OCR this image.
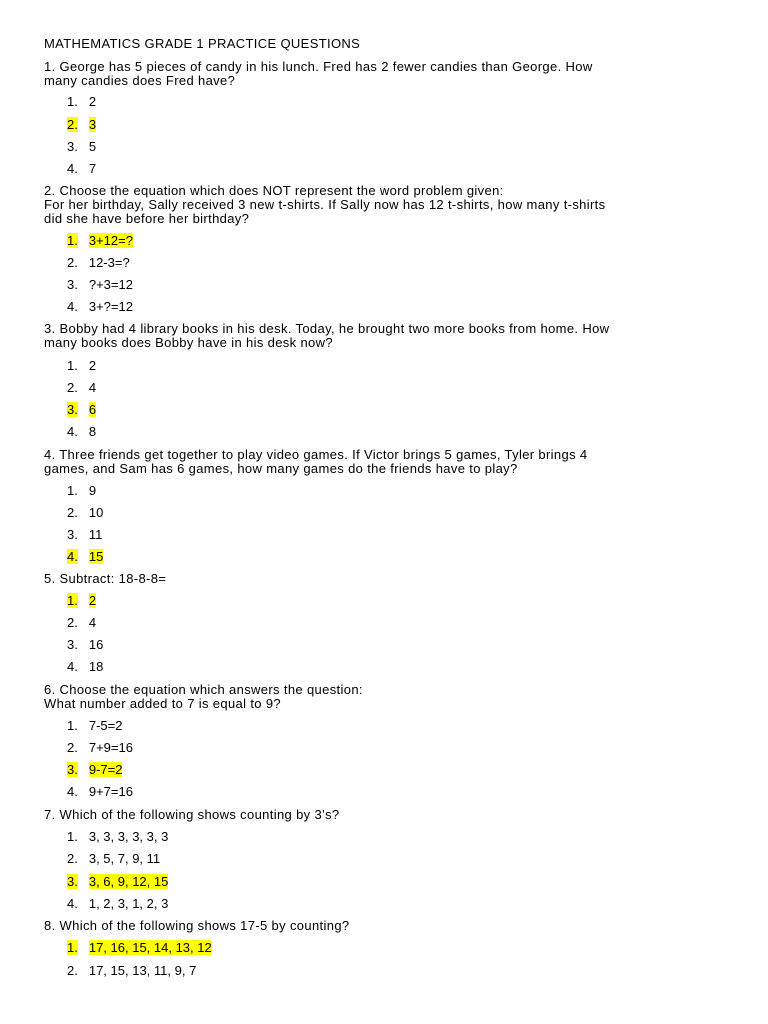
MATHEMATICS GRADE 1 PRACTICE QUESTIONS
1. George has 5 pieces of candy in his lunch. Fred has 2 fewer candies than George. How
many candies does Fred have?
1. 2
2. 3
3. 5
4. 7
2. Choose the equation which does NOT represent the word problem given:
For her birthday, Sally received 3 new t-shirts. If Sally now has 12 t-shirts, how many t-shirts
did she have before her birthday?
1. 3+12=?
2. 12-3=?
3. ?+3=12
4. 3+?=12
3. Bobby had 4 library books in his desk. Today, he brought two more books from home. How
many books does Bobby have in his desk now?
1. 2
2. 4
3. 6
4. 8
4. Three friends get together to play video games. If Victor brings 5 games, Tyler brings 4
games, and Sam has 6 games, how many games do the friends have to play?
1. 9
2. 10
3. 11
4. 15
5. Subtract: 18-8-8=
1. 2
2. 4
3. 16
4. 18
6. Choose the equation which answers the question:
What number added to 7 is equal to 9?
1. 7-5=2
2. 7+9=16
3. 9-7=2
4. 9+7=16
7. Which of the following shows counting by 3’s?
1. 3, 3, 3, 3, 3, 3
2. 3, 5, 7, 9, 11
3. 3, 6, 9, 12, 15
4. 1, 2, 3, 1, 2, 3
8. Which of the following shows 17-5 by counting?
1. 17, 16, 15, 14, 13, 12
2. 17, 15, 13, 11, 9, 7
